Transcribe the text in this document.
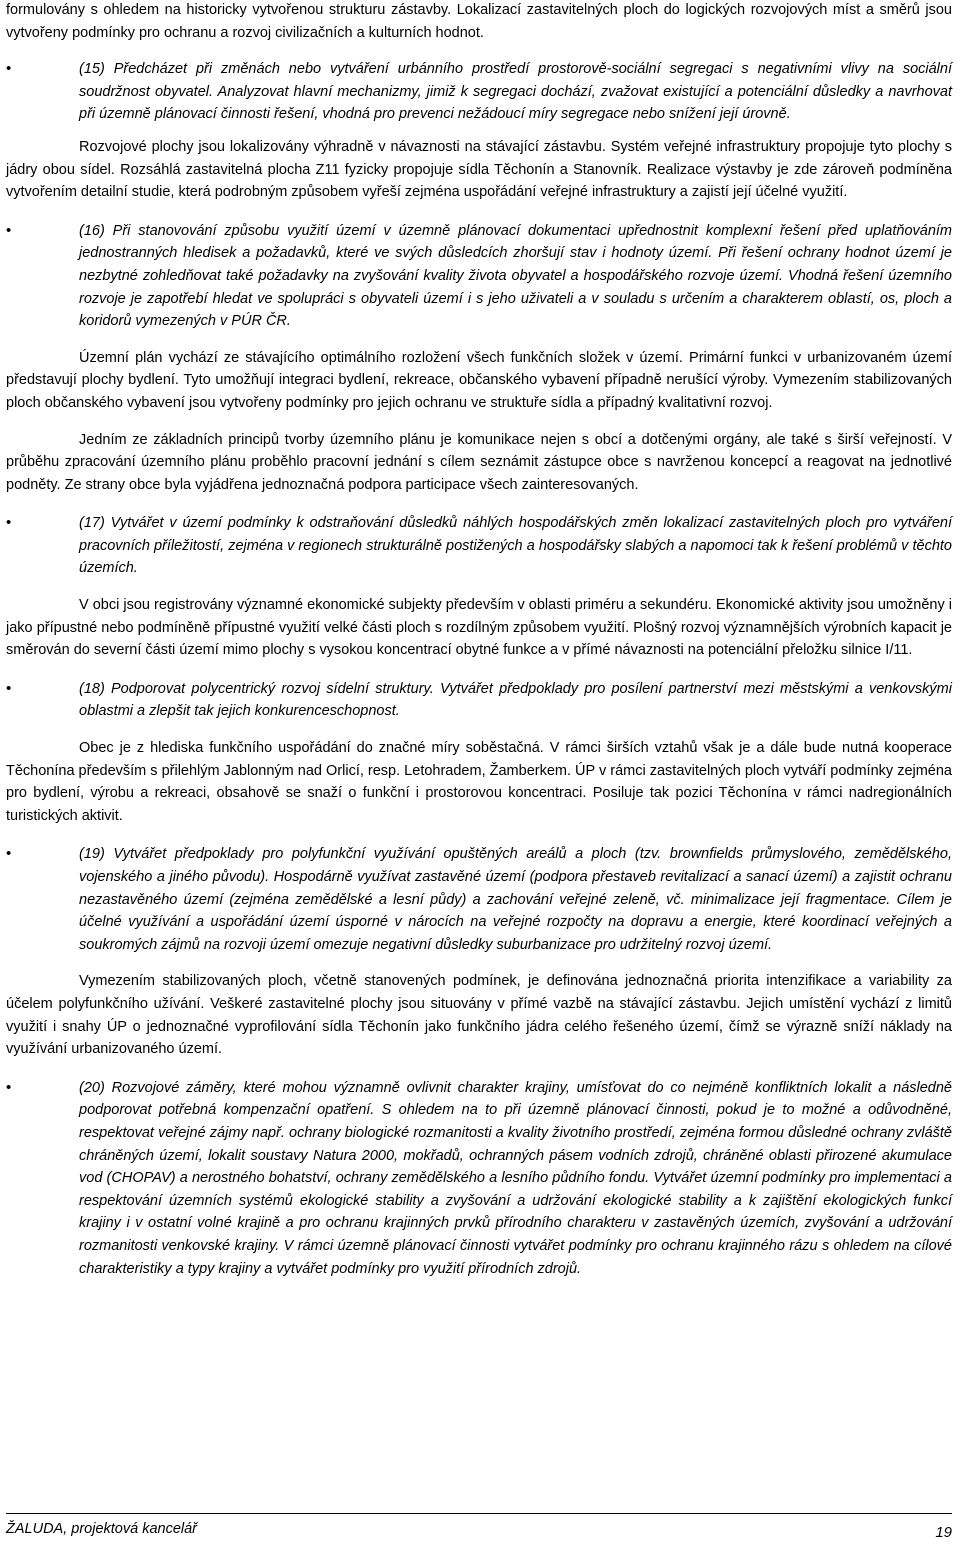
formulovány s ohledem na historicky vytvořenou strukturu zástavby. Lokalizací zastavitelných ploch do logických rozvojových míst a směrů jsou vytvořeny podmínky pro ochranu a rozvoj civilizačních a kulturních hodnot.

•	(15) Předcházet při změnách nebo vytváření urbánního prostředí prostorově-sociální segregaci s negativními vlivy na sociální soudržnost obyvatel. Analyzovat hlavní mechanizmy, jimiž k segregaci dochází, zvažovat existující a potenciální důsledky a navrhovat při územně plánovací činnosti řešení, vhodná pro prevenci nežádoucí míry segregace nebo snížení její úrovně.

Rozvojové plochy jsou lokalizovány výhradně v návaznosti na stávající zástavbu. Systém veřejné infrastruktury propojuje tyto plochy s jádry obou sídel. Rozsáhlá zastavitelná plocha Z11 fyzicky propojuje sídla Těchonín a Stanovník. Realizace výstavby je zde zároveň podmíněna vytvořením detailní studie, která podrobným způsobem vyřeší zejména uspořádání veřejné infrastruktury a zajistí její účelné využití.

•	(16) Při stanovování způsobu využití území v územně plánovací dokumentaci upřednostnit komplexní řešení před uplatňováním jednostranných hledisek a požadavků, které ve svých důsledcích zhoršují stav i hodnoty území. Při řešení ochrany hodnot území je nezbytné zohledňovat také požadavky na zvyšování kvality života obyvatel a hospodářského rozvoje území. Vhodná řešení územního rozvoje je zapotřebí hledat ve spolupráci s obyvateli území i s jeho uživateli a v souladu s určením a charakterem oblastí, os, ploch a koridorů vymezených v PÚR ČR.

Územní plán vychází ze stávajícího optimálního rozložení všech funkčních složek v území. Primární funkci v urbanizovaném území představují plochy bydlení. Tyto umožňují integraci bydlení, rekreace, občanského vybavení případně nerušící výroby. Vymezením stabilizovaných ploch občanského vybavení jsou vytvořeny podmínky pro jejich ochranu ve struktuře sídla a případný kvalitativní rozvoj.

Jedním ze základních principů tvorby územního plánu je komunikace nejen s obcí a dotčenými orgány, ale také s širší veřejností. V průběhu zpracování územního plánu proběhlo pracovní jednání s cílem seznámit zástupce obce s navrženou koncepcí a reagovat na jednotlivé podněty. Ze strany obce byla vyjádřena jednoznačná podpora participace všech zainteresovaných.

•	(17) Vytvářet v území podmínky k odstraňování důsledků náhlých hospodářských změn lokalizací zastavitelných ploch pro vytváření pracovních příležitostí, zejména v regionech strukturálně postižených a hospodářsky slabých a napomoci tak k řešení problémů v těchto územích.

V obci jsou registrovány významné ekonomické subjekty především v oblasti priméru a sekundéru. Ekonomické aktivity jsou umožněny i jako přípustné nebo podmíněně přípustné využití velké části ploch s rozdílným způsobem využití. Plošný rozvoj významnějších výrobních kapacit je směrován do severní části území mimo plochy s vysokou koncentrací obytné funkce a v přímé návaznosti na potenciální přeložku silnice I/11.

•	(18) Podporovat polycentrický rozvoj sídelní struktury. Vytvářet předpoklady pro posílení partnerství mezi městskými a venkovskými oblastmi a zlepšit tak jejich konkurenceschopnost.

Obec je z hlediska funkčního uspořádání do značné míry soběstačná. V rámci širších vztahů však je a dále bude nutná kooperace Těchonína především s přilehlým Jablonným nad Orlicí, resp. Letohradem, Žamberkem. ÚP v rámci zastavitelných ploch vytváří podmínky zejména pro bydlení, výrobu a rekreaci, obsahově se snaží o funkční i prostorovou koncentraci. Posiluje tak pozici Těchonína v rámci nadregionálních turistických aktivit.

•	(19) Vytvářet předpoklady pro polyfunkční využívání opuštěných areálů a ploch (tzv. brownfields průmyslového, zemědělského, vojenského a jiného původu). Hospodárně využívat zastavěné území (podpora přestaveb revitalizací a sanací území) a zajistit ochranu nezastavěného území (zejména zemědělské a lesní půdy) a zachování veřejné zeleně, vč. minimalizace její fragmentace. Cílem je účelné využívání a uspořádání území úsporné v nárocích na veřejné rozpočty na dopravu a energie, které koordinací veřejných a soukromých zájmů na rozvoji území omezuje negativní důsledky suburbanizace pro udržitelný rozvoj území.

Vymezením stabilizovaných ploch, včetně stanovených podmínek, je definována jednoznačná priorita intenzifikace a variability za účelem polyfunkčního užívání. Veškeré zastavitelné plochy jsou situovány v přímé vazbě na stávající zástavbu. Jejich umístění vychází z limitů využití i snahy ÚP o jednoznačné vyprofilování sídla Těchonín jako funkčního jádra celého řešeného území, čímž se výrazně sníží náklady na využívání urbanizovaného území.

•	(20) Rozvojové záměry, které mohou významně ovlivnit charakter krajiny, umísťovat do co nejméně konfliktních lokalit a následně podporovat potřebná kompenzační opatření. S ohledem na to při územně plánovací činnosti, pokud je to možné a odůvodněné, respektovat veřejné zájmy např. ochrany biologické rozmanitosti a kvality životního prostředí, zejména formou důsledné ochrany zvláště chráněných území, lokalit soustavy Natura 2000, mokřadů, ochranných pásem vodních zdrojů, chráněné oblasti přirozené akumulace vod (CHOPAV) a nerostného bohatství, ochrany zemědělského a lesního půdního fondu. Vytvářet územní podmínky pro implementaci a respektování územních systémů ekologické stability a zvyšování a udržování ekologické stability a k zajištění ekologických funkcí krajiny i v ostatní volné krajině a pro ochranu krajinných prvků přírodního charakteru v zastavěných územích, zvyšování a udržování rozmanitosti venkovské krajiny. V rámci územně plánovací činnosti vytvářet podmínky pro ochranu krajinného rázu s ohledem na cílové charakteristiky a typy krajiny a vytvářet podmínky pro využití přírodních zdrojů.

ŽALUDA, projektová kancelář	19
